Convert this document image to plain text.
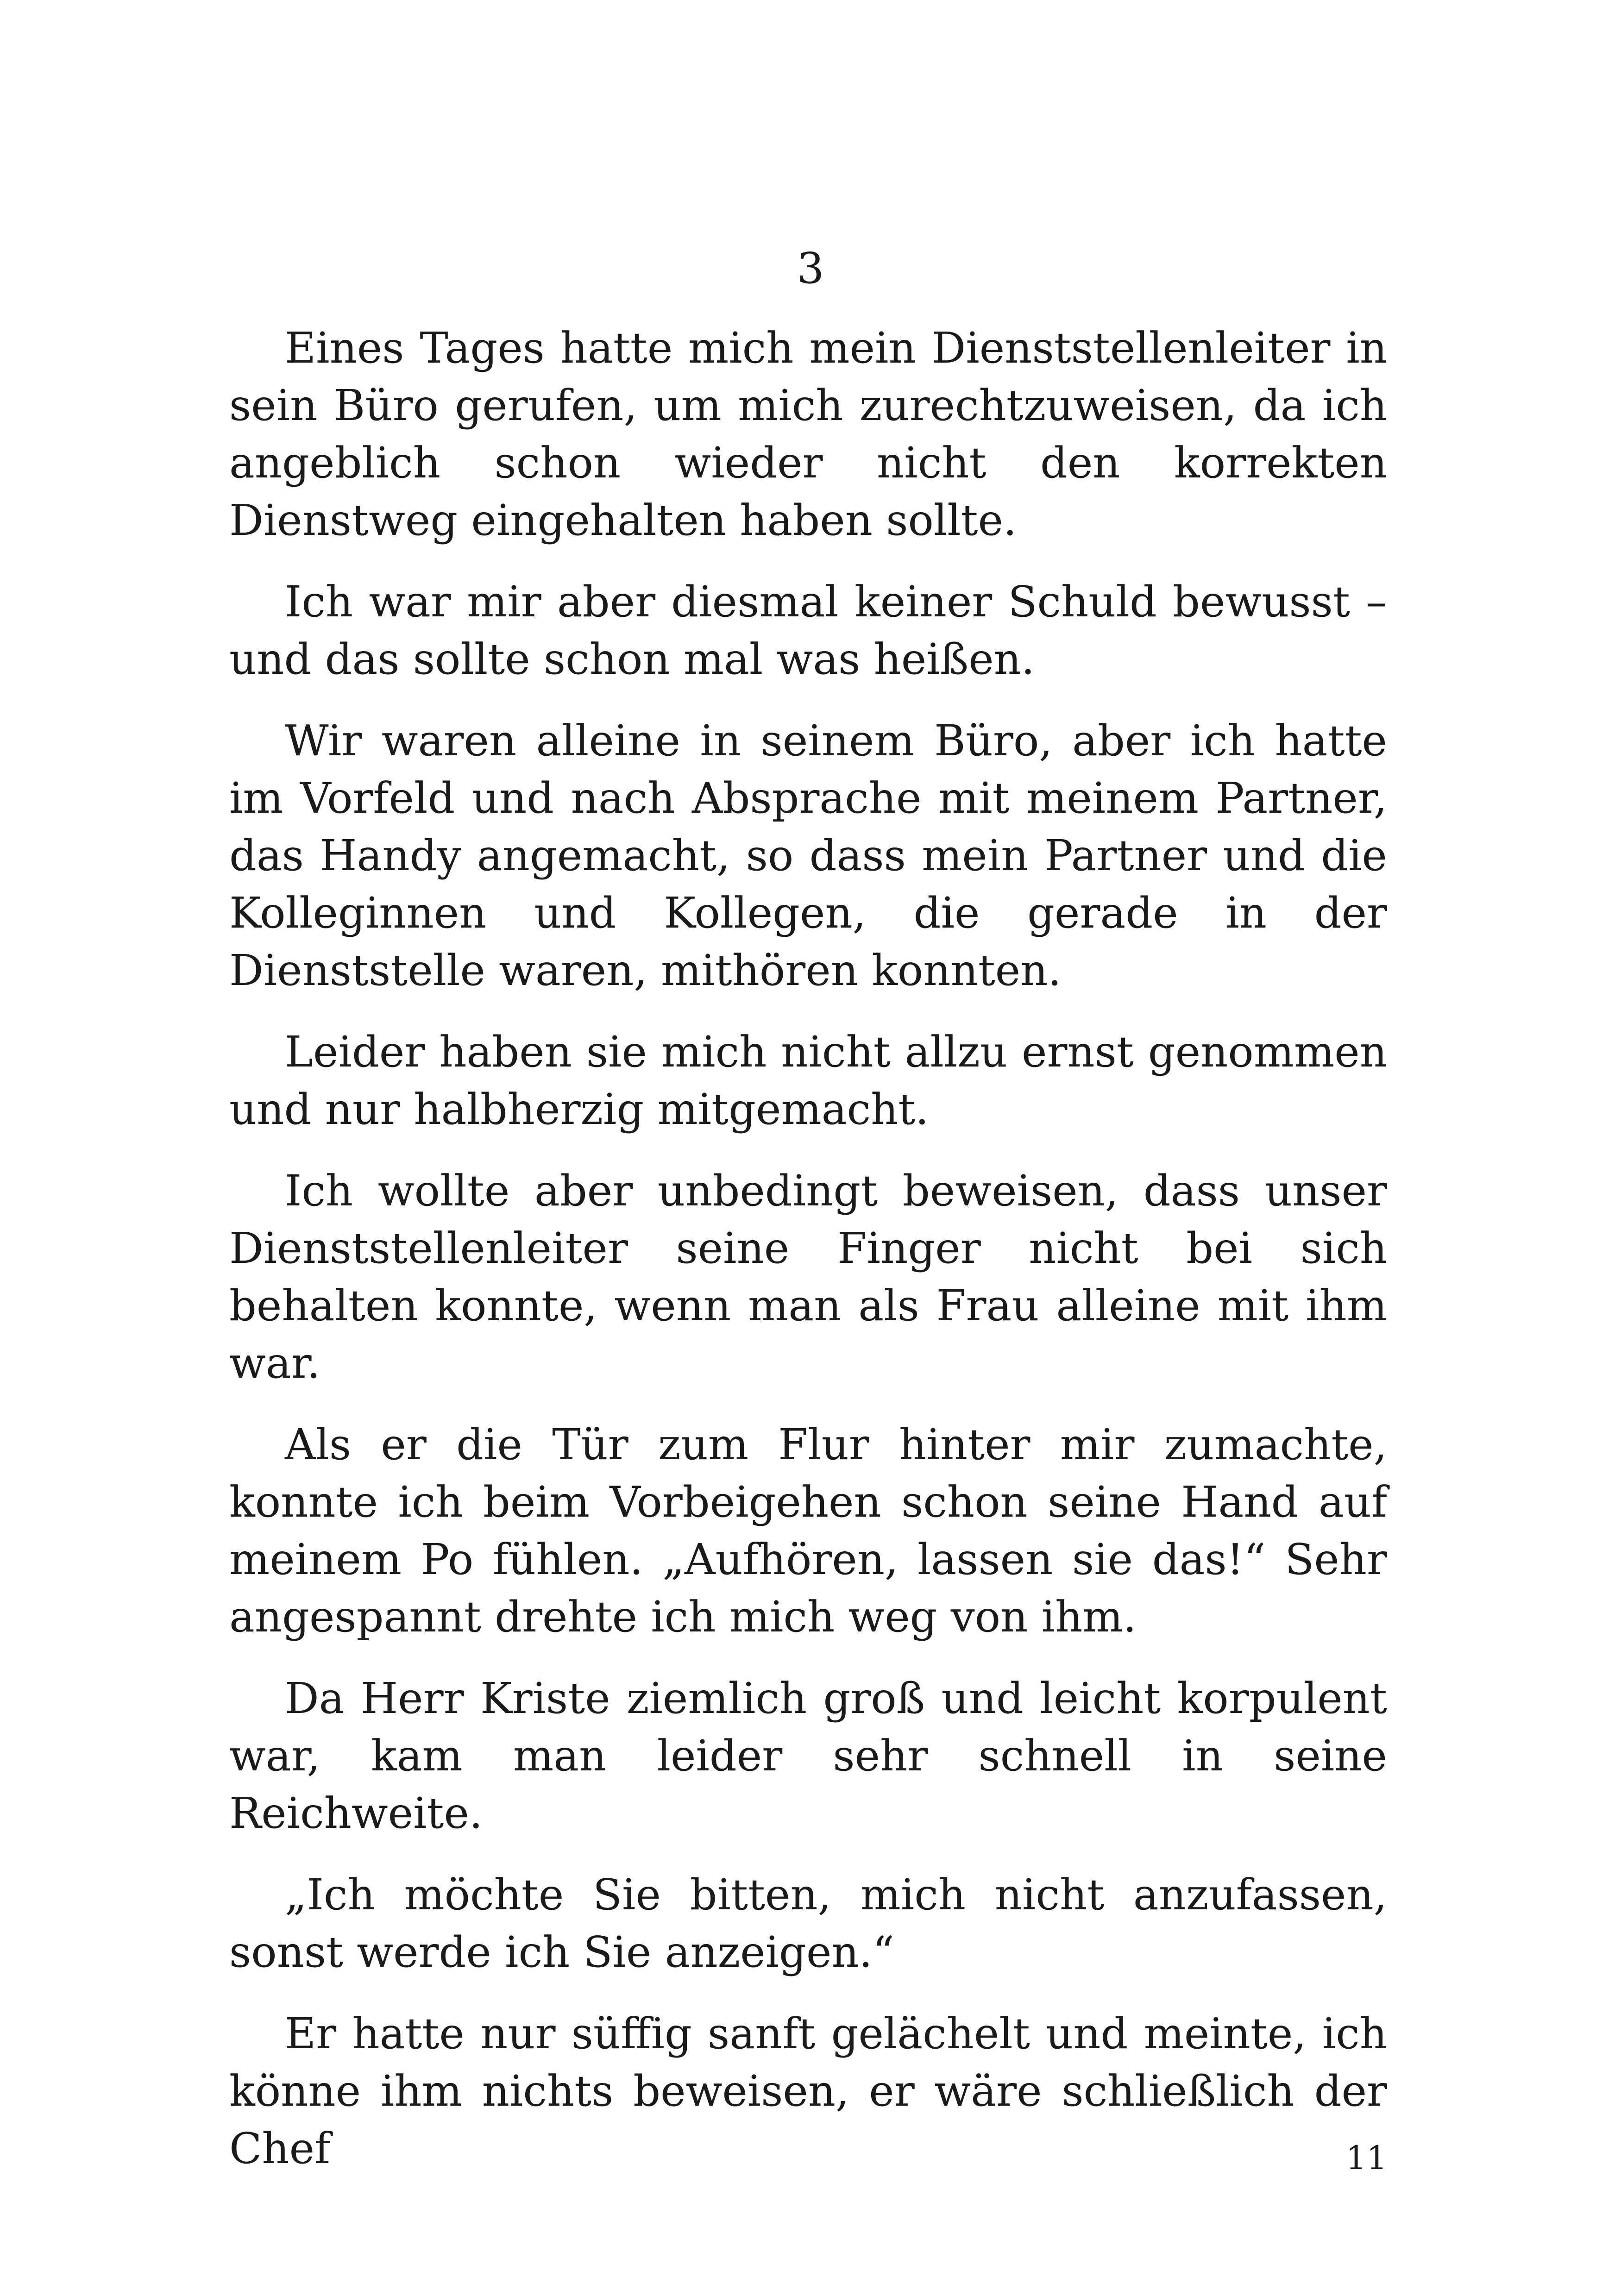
3

Eines Tages hatte mich mein Dienststellenleiter in sein Büro gerufen, um mich zurechtzuweisen, da ich angeblich schon wieder nicht den korrekten Dienstweg eingehalten haben sollte.

Ich war mir aber diesmal keiner Schuld bewusst – und das sollte schon mal was heißen.

Wir waren alleine in seinem Büro, aber ich hatte im Vorfeld und nach Absprache mit meinem Partner, das Handy angemacht, so dass mein Partner und die Kolleginnen und Kollegen, die gerade in der Dienststelle waren, mithören konnten.

Leider haben sie mich nicht allzu ernst genommen und nur halbherzig mitgemacht.

Ich wollte aber unbedingt beweisen, dass unser Dienststellenleiter seine Finger nicht bei sich behalten konnte, wenn man als Frau alleine mit ihm war.

Als er die Tür zum Flur hinter mir zumachte, konnte ich beim Vorbeigehen schon seine Hand auf meinem Po fühlen. „Aufhören, lassen sie das!“ Sehr angespannt drehte ich mich weg von ihm.

Da Herr Kriste ziemlich groß und leicht korpulent war, kam man leider sehr schnell in seine Reichweite.

„Ich möchte Sie bitten, mich nicht anzufassen, sonst werde ich Sie anzeigen.“

Er hatte nur süffig sanft gelächelt und meinte, ich könne ihm nichts beweisen, er wäre schließlich der Chef	11
